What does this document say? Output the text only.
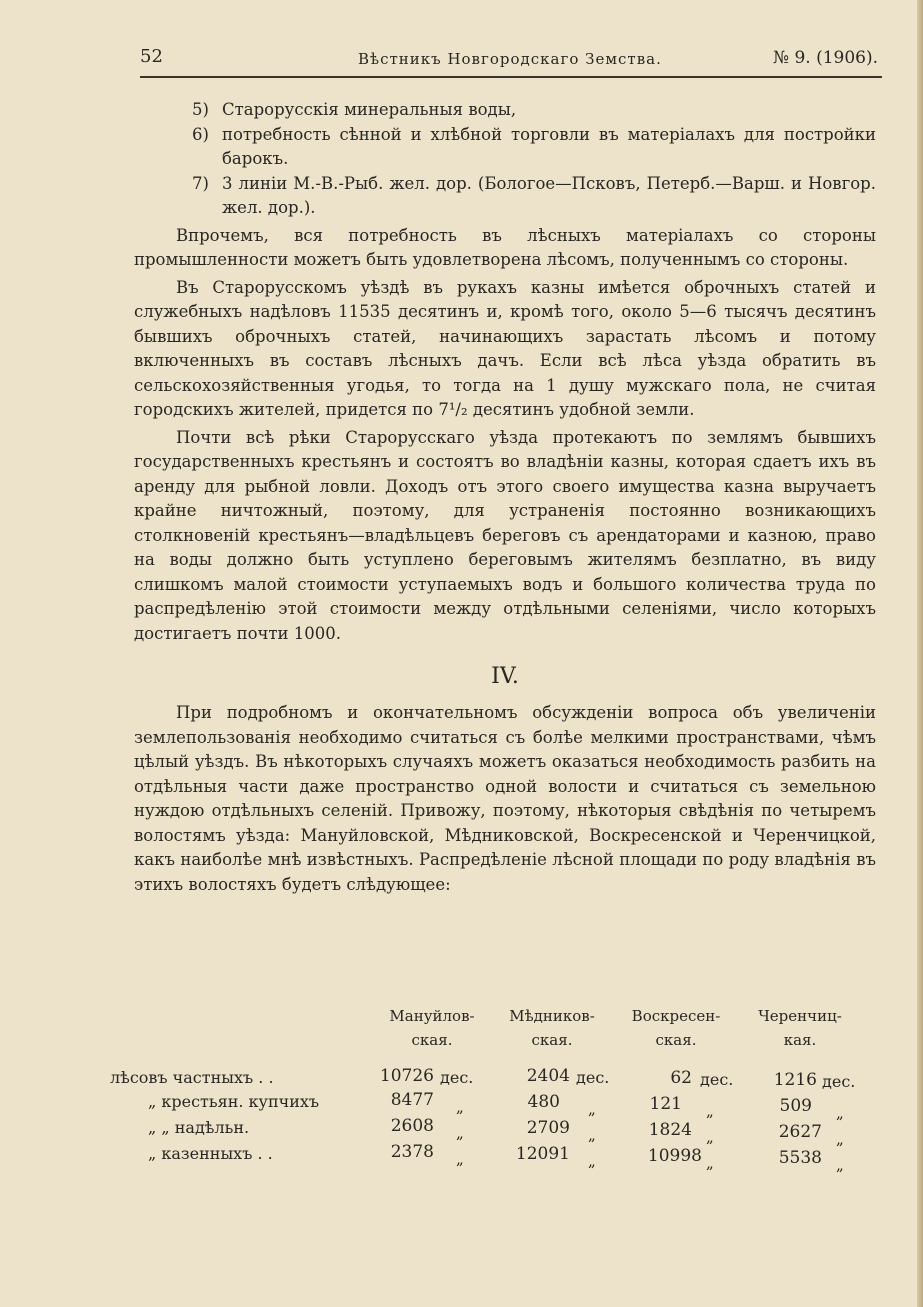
52	Вѣстникъ Новгородскаго Земства.	№ 9. (1906).

5) Старорусскія минеральныя воды,

6) потребность сѣнной и хлѣбной торговли въ матеріалахъ для постройки барокъ.

7) 3 линіи М.-В.-Рыб. жел. дор. (Бологое—Псковъ, Петерб.—Варш. и Новгор. жел. дор.).

Впрочемъ, вся потребность въ лѣсныхъ матеріалахъ со стороны промышленности можетъ быть удовлетворена лѣсомъ, полученнымъ со стороны.

Въ Старорусскомъ уѣздѣ въ рукахъ казны имѣется оброчныхъ статей и служебныхъ надѣловъ 11535 десятинъ и, кромѣ того, около 5—6 тысячъ десятинъ бывшихъ оброчныхъ статей, начинающихъ зарастать лѣсомъ и потому включенныхъ въ составъ лѣсныхъ дачъ. Если всѣ лѣса уѣзда обратить въ сельскохозяйственныя угодья, то тогда на 1 душу мужскаго пола, не считая городскихъ жителей, придется по 7¹/₂ десятинъ удобной земли.

Почти всѣ рѣки Старорусскаго уѣзда протекаютъ по землямъ бывшихъ государственныхъ крестьянъ и состоятъ во владѣніи казны, которая сдаетъ ихъ въ аренду для рыбной ловли. Доходъ отъ этого своего имущества казна выручаетъ крайне ничтожный, поэтому, для устраненія постоянно возникающихъ столкновеній крестьянъ—владѣльцевъ береговъ съ арендаторами и казною, право на воды должно быть уступлено береговымъ жителямъ безплатно, въ виду слишкомъ малой стоимости уступаемыхъ водъ и большого количества труда по распредѣленію этой стоимости между отдѣльными селеніями, число которыхъ достигаетъ почти 1000.

IV.

При подробномъ и окончательномъ обсужденіи вопроса объ увеличеніи землепользованія необходимо считаться съ болѣе мелкими пространствами, чѣмъ цѣлый уѣздъ. Въ нѣкоторыхъ случаяхъ можетъ оказаться необходимость разбить на отдѣльныя части даже пространство одной волости и считаться съ земельною нуждою отдѣльныхъ селеній. Привожу, поэтому, нѣкоторыя свѣдѣнія по четыремъ волостямъ уѣзда: Мануйловской, Мѣдниковской, Воскресенской и Черенчицкой, какъ наиболѣе мнѣ извѣстныхъ. Распредѣленіе лѣсной площади по роду владѣнія въ этихъ волостяхъ будетъ слѣдующее:

Мануйлов-
ская.
Мѣдников-
ская.
Воскресен-
ская.
Черенчиц-
кая.
лѣсовъ частныхъ . .	10726 дес.	2404 дес.	62 дес.	1216 дес.
„ крестьян. купчихъ	8477 „	480 „	121 „	509 „
„ „ надѣльн.	2608 „	2709 „	1824 „	2627 „
„ казенныхъ . .	2378 „	12091 „	10998 „	5538 „
